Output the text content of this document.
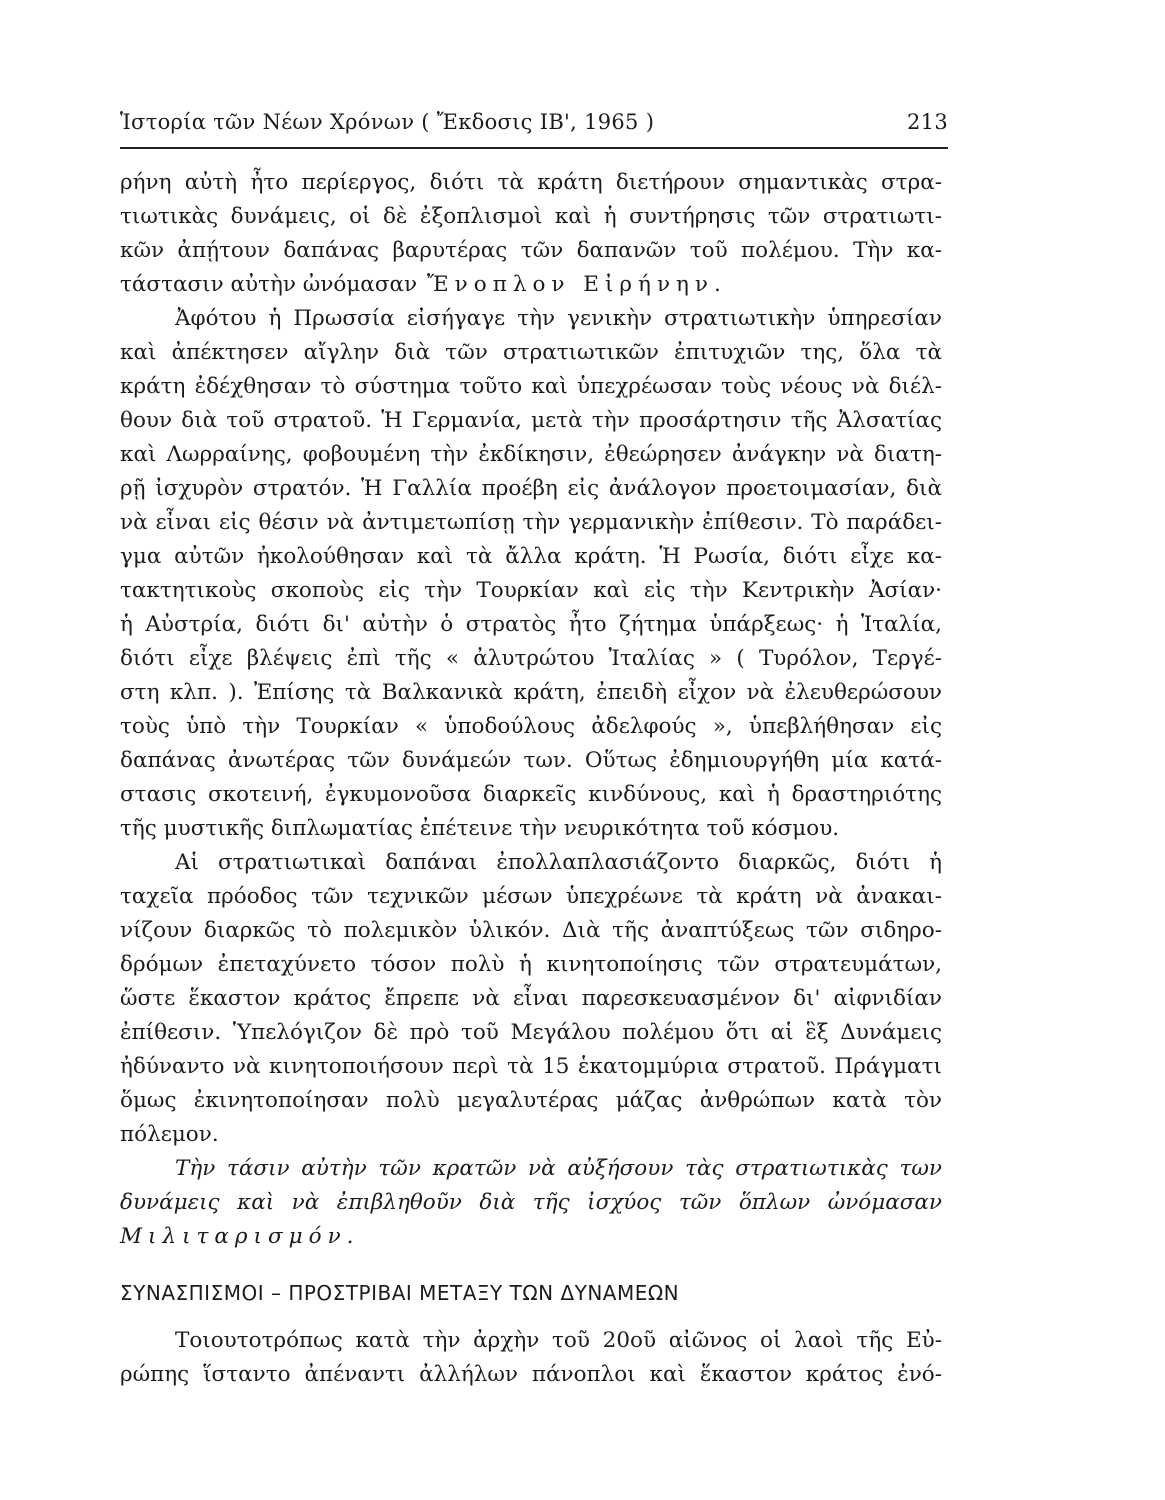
Ἱστορία τῶν Νέων Χρόνων ( Ἔκδοσις ΙΒ', 1965 )	213
ρήνη αὐτὴ ἦτο περίεργος, διότι τὰ κράτη διετήρουν σημαντικὰς στρα-
τιωτικὰς δυνάμεις, οἱ δὲ ἐξοπλισμοὶ καὶ ἡ συντήρησις τῶν στρατιωτι-
κῶν ἀπῄτουν δαπάνας βαρυτέρας τῶν δαπανῶν τοῦ πολέμου. Τὴν κα-
τάστασιν αὐτὴν ὠνόμασαν Ἔνοπλον Εἰρήνην.
Ἀφότου ἡ Πρωσσία εἰσήγαγε τὴν γενικὴν στρατιωτικὴν ὑπηρεσίαν
καὶ ἀπέκτησεν αἴγλην διὰ τῶν στρατιωτικῶν ἐπιτυχιῶν της, ὅλα τὰ
κράτη ἐδέχθησαν τὸ σύστημα τοῦτο καὶ ὑπεχρέωσαν τοὺς νέους νὰ διέλ-
θουν διὰ τοῦ στρατοῦ. Ἡ Γερμανία, μετὰ τὴν προσάρτησιν τῆς Ἀλσατίας
καὶ Λωρραίνης, φοβουμένη τὴν ἐκδίκησιν, ἐθεώρησεν ἀνάγκην νὰ διατη-
ρῇ ἰσχυρὸν στρατόν. Ἡ Γαλλία προέβη εἰς ἀνάλογον προετοιμασίαν, διὰ
νὰ εἶναι εἰς θέσιν νὰ ἀντιμετωπίσῃ τὴν γερμανικὴν ἐπίθεσιν. Τὸ παράδει-
γμα αὐτῶν ἠκολούθησαν καὶ τὰ ἄλλα κράτη. Ἡ Ρωσία, διότι εἶχε κα-
τακτητικοὺς σκοποὺς εἰς τὴν Τουρκίαν καὶ εἰς τὴν Κεντρικὴν Ἀσίαν·
ἡ Αὐστρία, διότι δι' αὐτὴν ὁ στρατὸς ἦτο ζήτημα ὑπάρξεως· ἡ Ἰταλία,
διότι εἶχε βλέψεις ἐπὶ τῆς « ἀλυτρώτου Ἰταλίας » ( Τυρόλον, Τεργέ-
στη κλπ. ). Ἐπίσης τὰ Βαλκανικὰ κράτη, ἐπειδὴ εἶχον νὰ ἐλευθερώσουν
τοὺς ὑπὸ τὴν Τουρκίαν « ὑποδούλους ἀδελφούς », ὑπεβλήθησαν εἰς
δαπάνας ἀνωτέρας τῶν δυνάμεών των. Οὕτως ἐδημιουργήθη μία κατά-
στασις σκοτεινή, ἐγκυμονοῦσα διαρκεῖς κινδύνους, καὶ ἡ δραστηριότης
τῆς μυστικῆς διπλωματίας ἐπέτεινε τὴν νευρικότητα τοῦ κόσμου.
Αἱ στρατιωτικαὶ δαπάναι ἐπολλαπλασιάζοντο διαρκῶς, διότι ἡ
ταχεῖα πρόοδος τῶν τεχνικῶν μέσων ὑπεχρέωνε τὰ κράτη νὰ ἀνακαι-
νίζουν διαρκῶς τὸ πολεμικὸν ὑλικόν. Διὰ τῆς ἀναπτύξεως τῶν σιδηρο-
δρόμων ἐπεταχύνετο τόσον πολὺ ἡ κινητοποίησις τῶν στρατευμάτων,
ὥστε ἕκαστον κράτος ἔπρεπε νὰ εἶναι παρεσκευασμένον δι' αἰφνιδίαν
ἐπίθεσιν. Ὑπελόγιζον δὲ πρὸ τοῦ Μεγάλου πολέμου ὅτι αἱ ἓξ Δυνάμεις
ἠδύναντο νὰ κινητοποιήσουν περὶ τὰ 15 ἑκατομμύρια στρατοῦ. Πράγματι
ὅμως ἐκινητοποίησαν πολὺ μεγαλυτέρας μάζας ἀνθρώπων κατὰ τὸν
πόλεμον.
Τὴν τάσιν αὐτὴν τῶν κρατῶν νὰ αὐξήσουν τὰς στρατιωτικὰς των
δυνάμεις καὶ νὰ ἐπιβληθοῦν διὰ τῆς ἰσχύος τῶν ὅπλων ὠνόμασαν
Μιλιταρισμόν.
ΣΥΝΑΣΠΙΣΜΟΙ – ΠΡΟΣΤΡΙΒΑΙ ΜΕΤΑΞΥ ΤΩΝ ΔΥΝΑΜΕΩΝ
Τοιουτοτρόπως κατὰ τὴν ἀρχὴν τοῦ 20οῦ αἰῶνος οἱ λαοὶ τῆς Εὐ-
ρώπης ἵσταντο ἀπέναντι ἀλλήλων πάνοπλοι καὶ ἕκαστον κράτος ἐνό-
